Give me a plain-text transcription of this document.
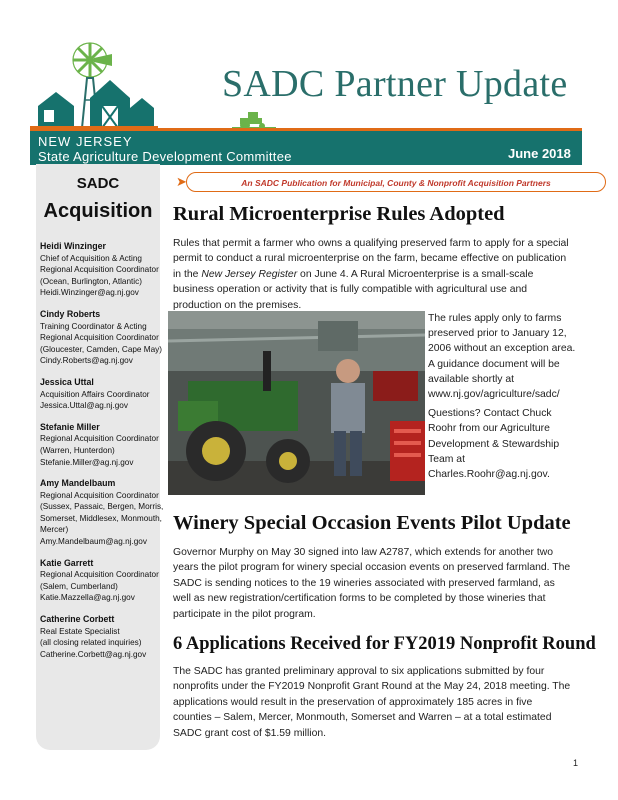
SADC Partner Update
NEW JERSEY
State Agriculture Development Committee	June 2018
SADC
Acquisition
Heidi Winzinger
Chief of Acquisition & Acting
Regional Acquisition Coordinator
(Ocean, Burlington, Atlantic)
Heidi.Winzinger@ag.nj.gov
Cindy Roberts
Training Coordinator & Acting
Regional Acquisition Coordinator
(Gloucester, Camden, Cape May)
Cindy.Roberts@ag.nj.gov
Jessica Uttal
Acquisition Affairs Coordinator
Jessica.Uttal@ag.nj.gov
Stefanie Miller
Regional Acquisition Coordinator
(Warren, Hunterdon)
Stefanie.Miller@ag.nj.gov
Amy Mandelbaum
Regional Acquisition Coordinator
(Sussex, Passaic, Bergen, Morris,
Somerset, Middlesex, Monmouth,
Mercer)
Amy.Mandelbaum@ag.nj.gov
Katie Garrett
Regional Acquisition Coordinator
(Salem, Cumberland)
Katie.Mazzella@ag.nj.gov
Catherine Corbett
Real Estate Specialist
(all closing related inquiries)
Catherine.Corbett@ag.nj.gov
➤	An SADC Publication for Municipal, County & Nonprofit Acquisition Partners
Rural Microenterprise Rules Adopted
Rules that permit a farmer who owns a qualifying preserved farm to apply for a special permit to conduct a rural microenterprise on the farm, became effective on publication in the New Jersey Register on June 4. A Rural Microenterprise is a small-scale business operation or activity that is fully compatible with agricultural use and production on the premises.

The rules apply only to farms preserved prior to January 12, 2006 without an exception area. A guidance document will be available shortly at www.nj.gov/agriculture/sadc/

Questions? Contact Chuck Roohr from our Agriculture Development & Stewardship Team at Charles.Roohr@ag.nj.gov.

Winery Special Occasion Events Pilot Update
Governor Murphy on May 30 signed into law A2787, which extends for another two years the pilot program for winery special occasion events on preserved farmland. The SADC is sending notices to the 19 wineries associated with preserved farmland, as well as new registration/certification forms to be completed by those wineries that participate in the pilot program.
6 Applications Received for FY2019 Nonprofit Round
The SADC has granted preliminary approval to six applications submitted by four nonprofits under the FY2019 Nonprofit Grant Round at the May 24, 2018 meeting. The applications would result in the preservation of approximately 185 acres in five counties – Salem, Mercer, Monmouth, Somerset and Warren – at a total estimated SADC grant cost of $1.59 million.
1
